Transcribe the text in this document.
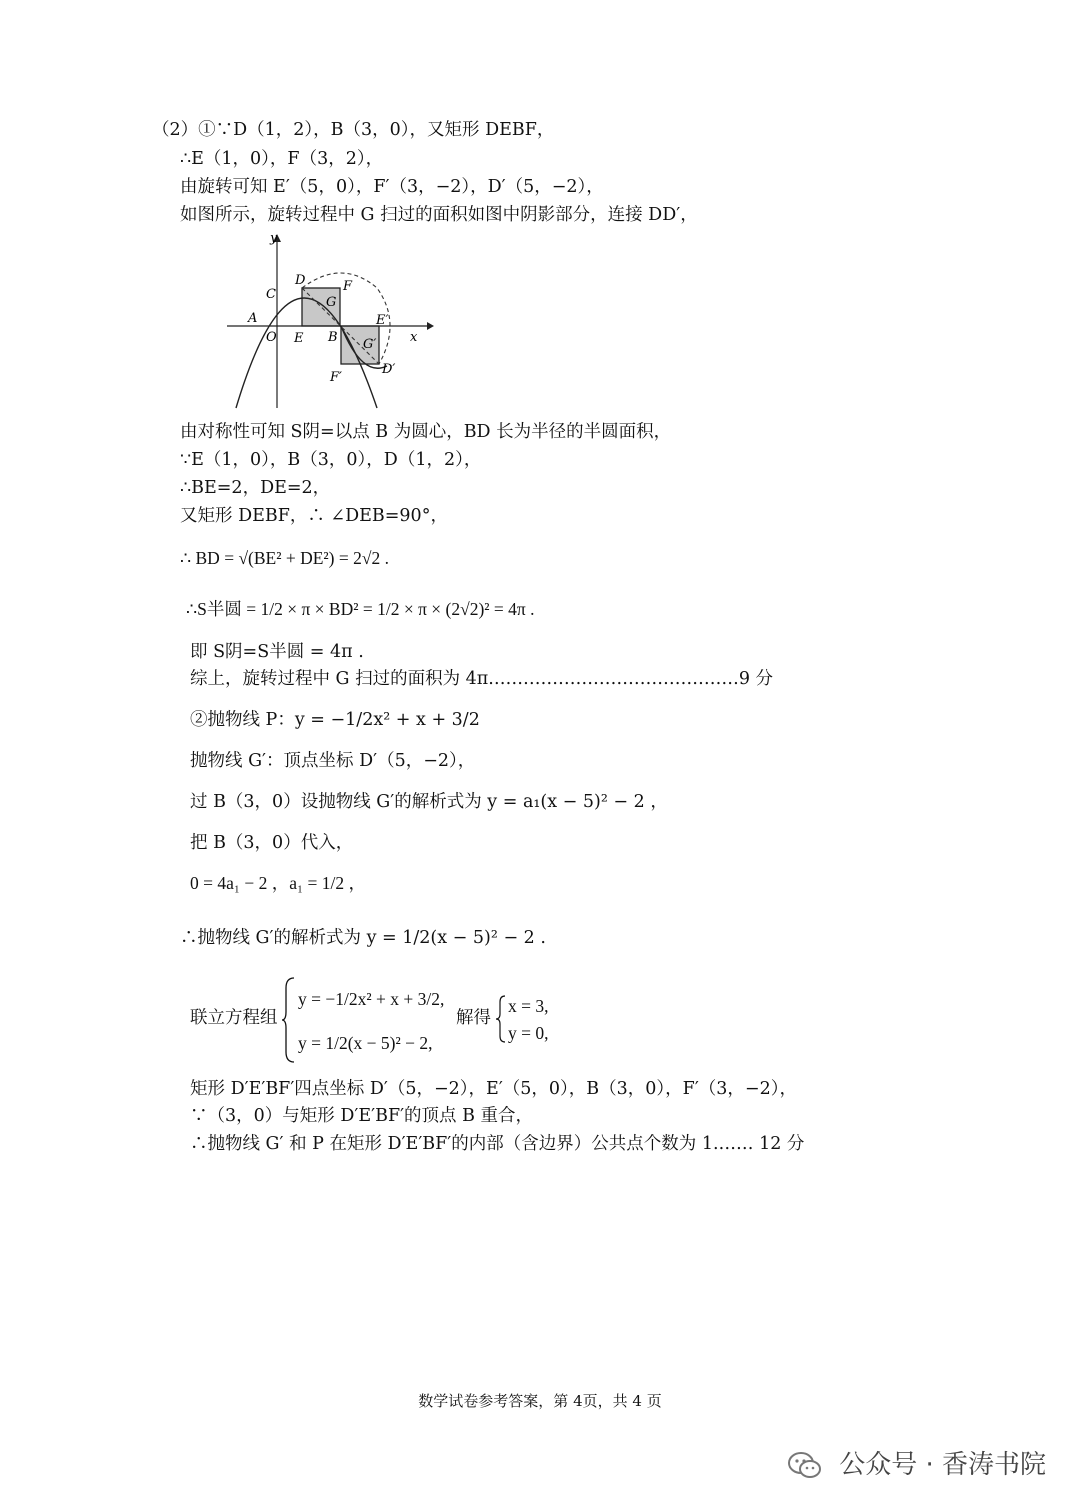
（2）①∵D（1，2），B（3，0），又矩形 DEBF，
∴E（1，0），F（3，2），
由旋转可知 E′（5，0），F′（3，−2），D′（5，−2），
如图所示，旋转过程中 G 扫过的面积如图中阴影部分，连接 DD′，
y
x
O
A
C
D
E B
F
G
E′
G′
F′
D′
由对称性可知 S阴=以点 B 为圆心，BD 长为半径的半圆面积，
∵E（1，0），B（3，0），D（1，2），
∴BE=2，DE=2，
又矩形 DEBF，∴ ∠DEB=90°，
∴ BD = √(BE² + DE²) = 2√2 .
∴S半圆 = 1/2 × π × BD² = 1/2 × π × (2√2)² = 4π .
即 S阴=S半圆 = 4π .
综上，旋转过程中 G 扫过的面积为 4π.……………………………………9 分
②抛物线 P：y = −1/2x² + x + 3/2
抛物线 G′：顶点坐标 D′（5，−2），
过 B（3，0）设抛物线 G′的解析式为 y = a₁(x − 5)² − 2 ，
把 B（3，0）代入，
0 = 4a₁ − 2 ，a₁ = 1/2 ，
∴抛物线 G′的解析式为 y = 1/2(x − 5)² − 2 .
联立方程组
y = −1/2x² + x + 3/2,
y = 1/2(x − 5)² − 2,
解得
x = 3,
y = 0,
矩形 D′E′BF′四点坐标 D′（5，−2），E′（5，0），B（3，0），F′（3，−2），
∵（3，0）与矩形 D′E′BF′的顶点 B 重合，
∴抛物线 G′ 和 P 在矩形 D′E′BF′的内部（含边界）公共点个数为 1.…… 12 分
数学试卷参考答案，第 4页，共 4 页
公众号 · 香涛书院
